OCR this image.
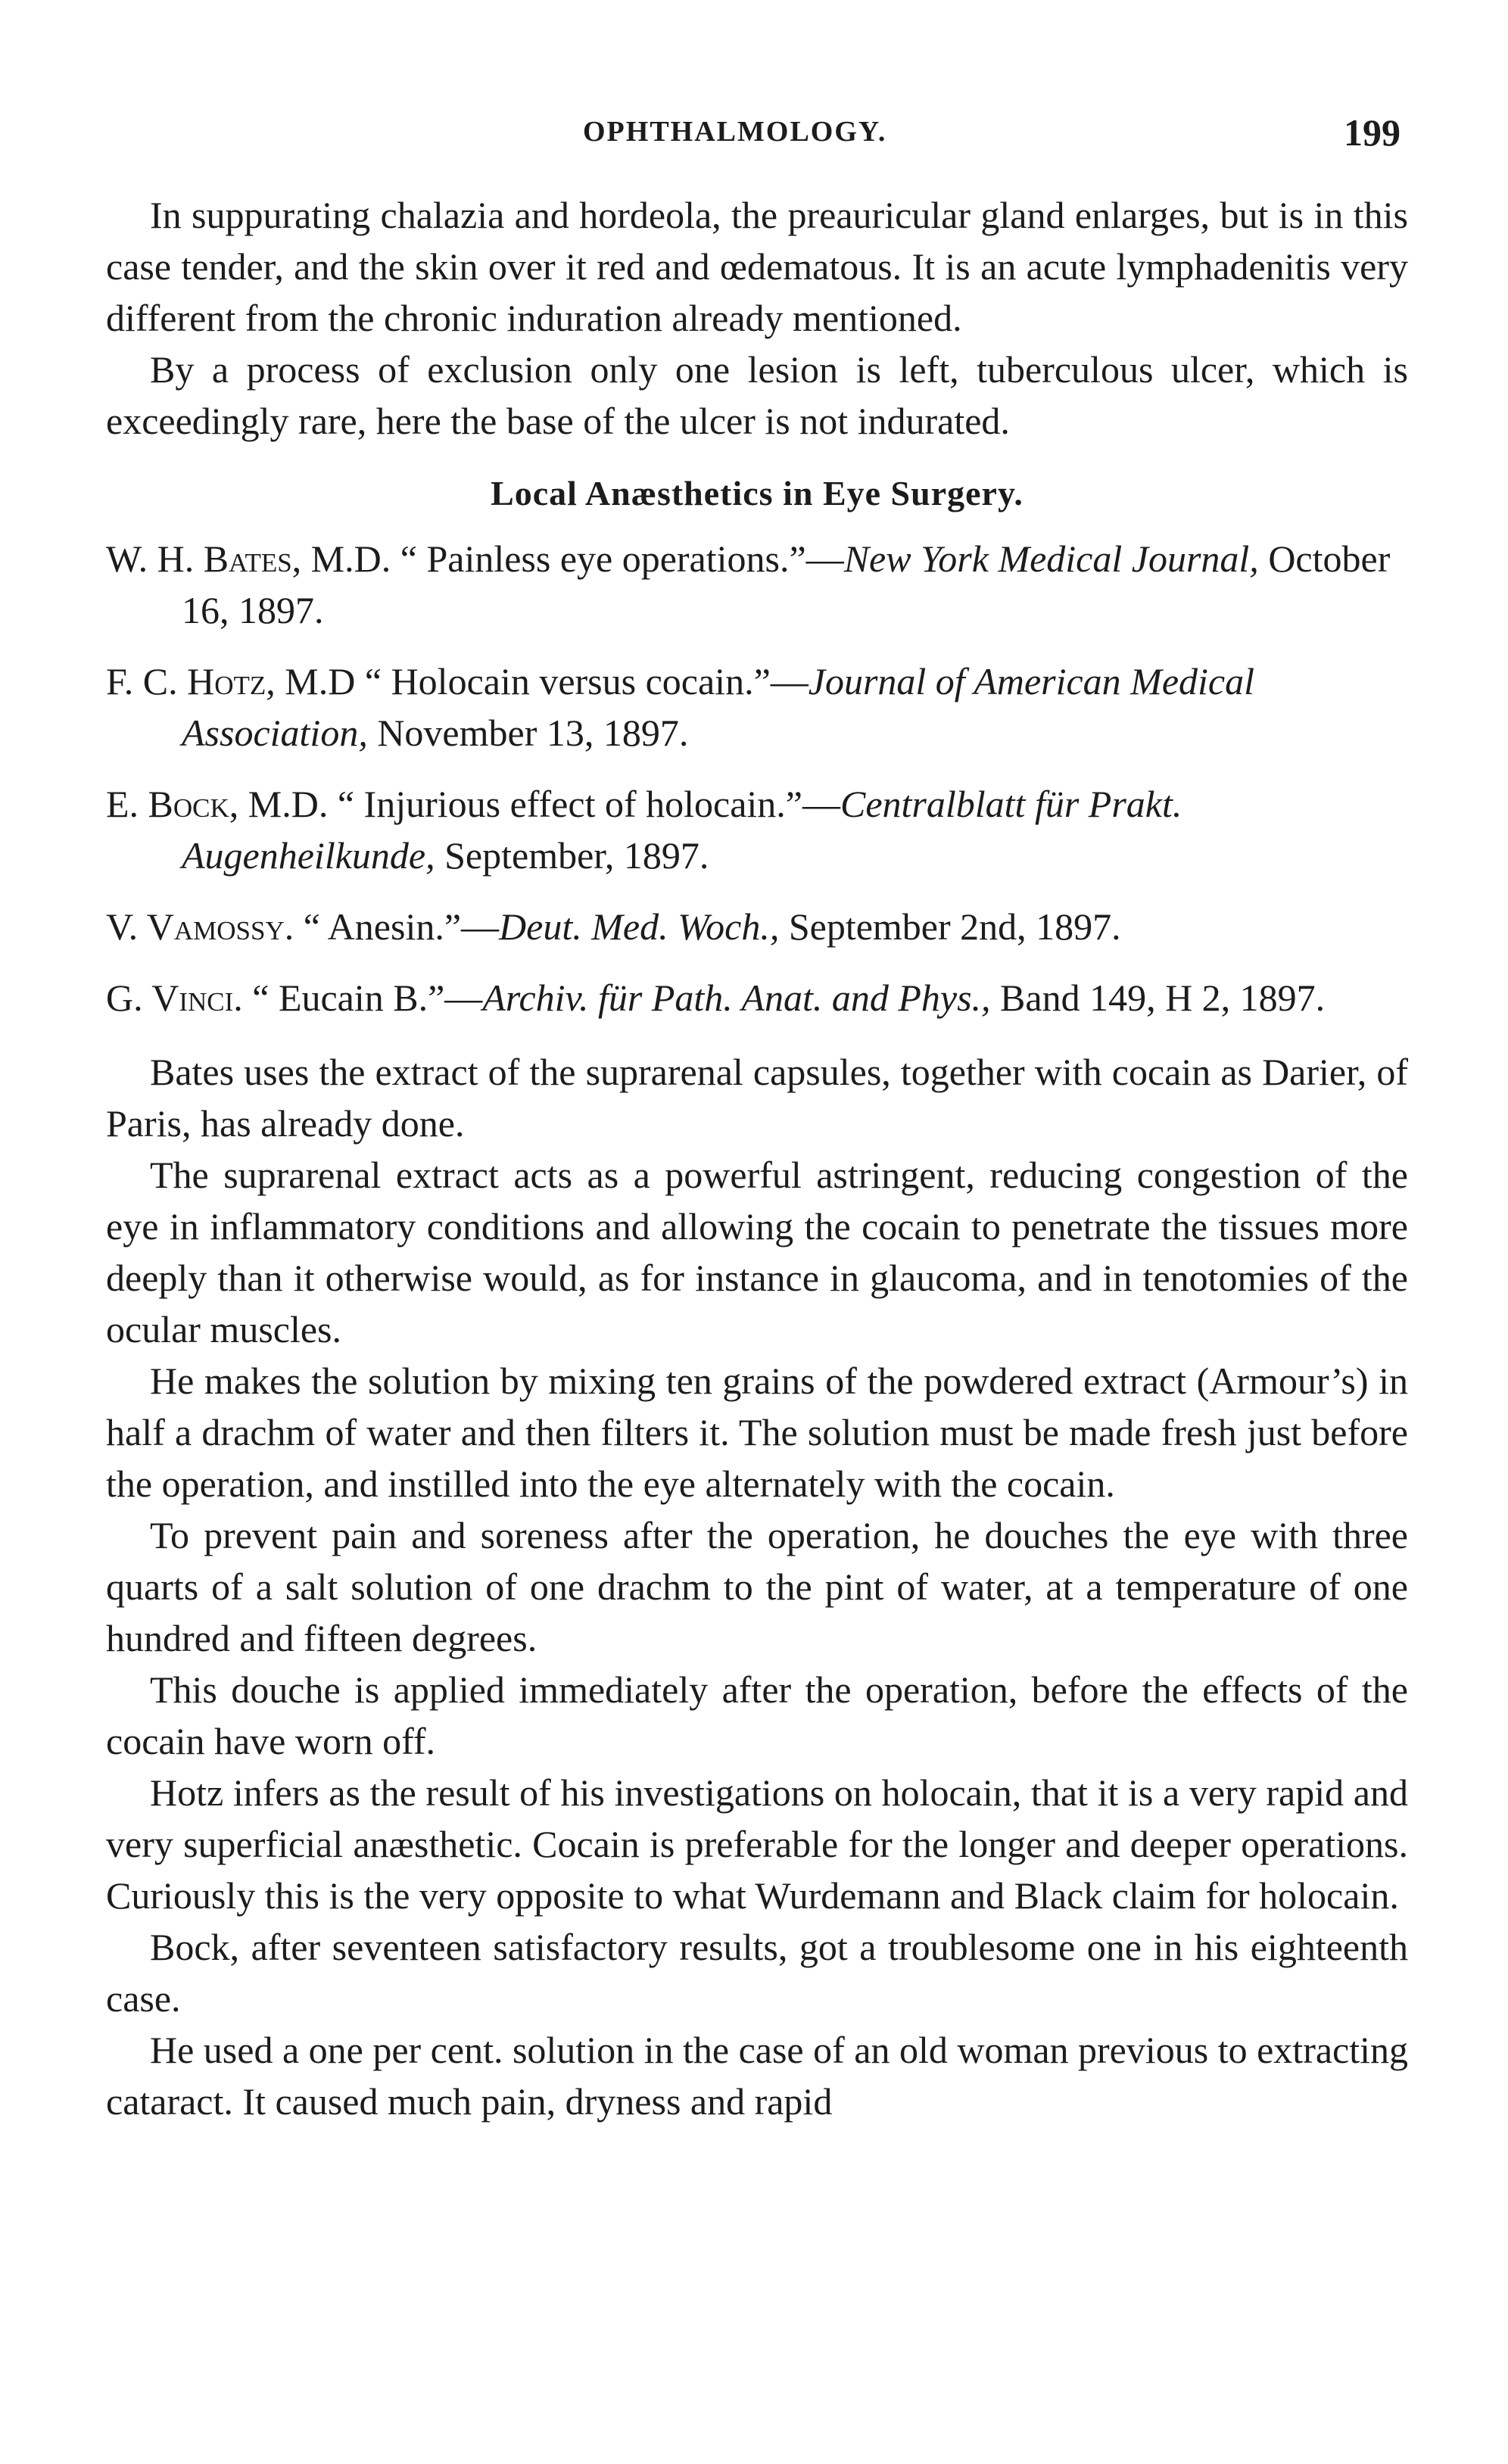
OPHTHALMOLOGY.	199

In suppurating chalazia and hordeola, the preauricular gland enlarges, but is in this case tender, and the skin over it red and œdematous. It is an acute lymphadenitis very different from the chronic induration already mentioned.

By a process of exclusion only one lesion is left, tuberculous ulcer, which is exceedingly rare, here the base of the ulcer is not indurated.

Local Anæsthetics in Eye Surgery.
W. H. Bates, M.D. “ Painless eye operations.”—New York Medical Journal, October 16, 1897.
F. C. Hotz, M.D “ Holocain versus cocain.”—Journal of American Medical Association, November 13, 1897.
E. Bock, M.D. “ Injurious effect of holocain.”—Centralblatt für Prakt. Augenheilkunde, September, 1897.
V. Vamossy. “ Anesin.”—Deut. Med. Woch., September 2nd, 1897.
G. Vinci. “ Eucain B.”—Archiv. für Path. Anat. and Phys., Band 149, H 2, 1897.

Bates uses the extract of the suprarenal capsules, together with cocain as Darier, of Paris, has already done.

The suprarenal extract acts as a powerful astringent, reducing congestion of the eye in inflammatory conditions and allowing the cocain to penetrate the tissues more deeply than it otherwise would, as for instance in glaucoma, and in tenotomies of the ocular muscles.

He makes the solution by mixing ten grains of the powdered extract (Armour’s) in half a drachm of water and then filters it. The solution must be made fresh just before the operation, and instilled into the eye alternately with the cocain.

To prevent pain and soreness after the operation, he douches the eye with three quarts of a salt solution of one drachm to the pint of water, at a temperature of one hundred and fifteen degrees.

This douche is applied immediately after the operation, before the effects of the cocain have worn off.

Hotz infers as the result of his investigations on holocain, that it is a very rapid and very superficial anæsthetic. Cocain is preferable for the longer and deeper operations. Curiously this is the very opposite to what Wurdemann and Black claim for holocain.

Bock, after seventeen satisfactory results, got a troublesome one in his eighteenth case.

He used a one per cent. solution in the case of an old woman previous to extracting cataract. It caused much pain, dryness and rapid
